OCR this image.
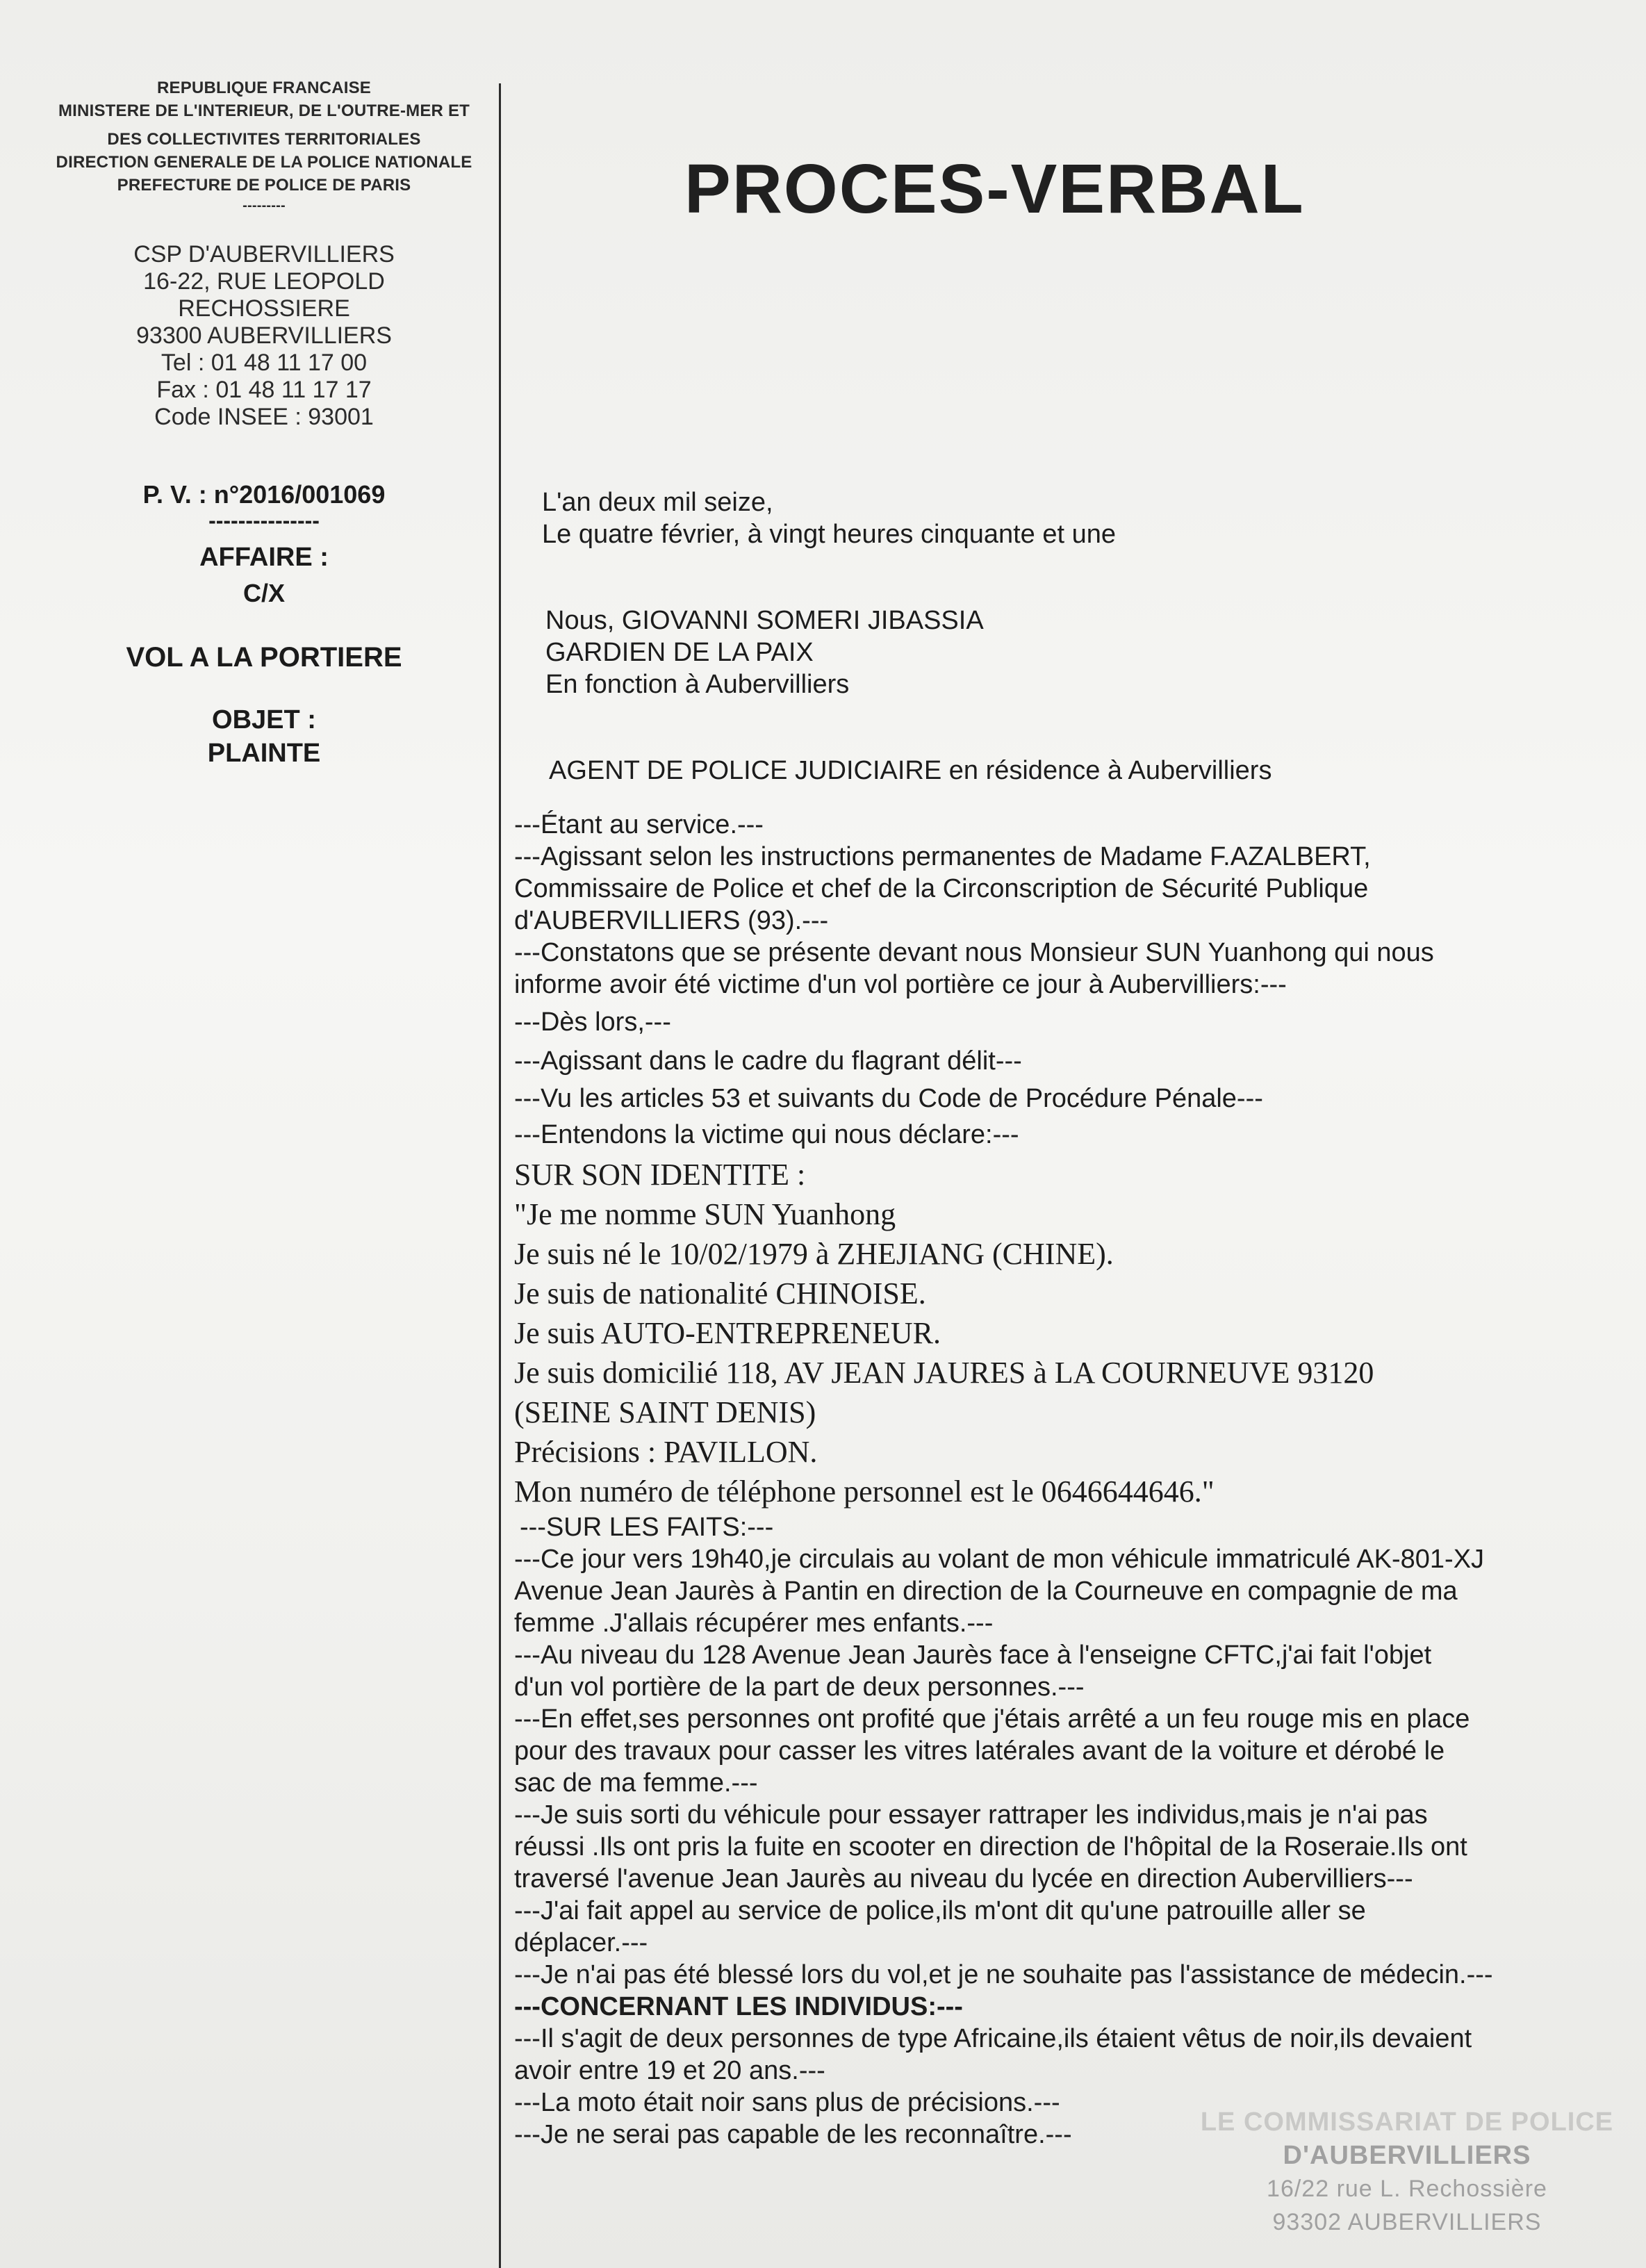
REPUBLIQUE FRANCAISE
MINISTERE DE L'INTERIEUR, DE L'OUTRE-MER ET
DES COLLECTIVITES TERRITORIALES
DIRECTION GENERALE DE LA POLICE NATIONALE
PREFECTURE DE POLICE DE PARIS
---------
CSP D'AUBERVILLIERS
16-22, RUE LEOPOLD
RECHOSSIERE
93300 AUBERVILLIERS
Tel : 01 48 11 17 00
Fax : 01 48 11 17 17
Code INSEE : 93001
P. V. : n°2016/001069
---------------
AFFAIRE :
C/X
VOL A LA PORTIERE
OBJET :
PLAINTE
PROCES-VERBAL
L'an deux mil seize,
Le quatre février, à vingt heures cinquante et une
Nous, GIOVANNI SOMERI JIBASSIA
GARDIEN DE LA PAIX
En fonction à Aubervilliers
AGENT DE POLICE JUDICIAIRE en résidence à Aubervilliers
---Étant au service.---
---Agissant selon les instructions permanentes de Madame F.AZALBERT,
Commissaire de Police et chef de la Circonscription de Sécurité Publique
d'AUBERVILLIERS (93).---
---Constatons que se présente devant nous Monsieur SUN Yuanhong qui nous
informe avoir été victime d'un vol portière ce jour à Aubervilliers:---
---Dès lors,---
---Agissant dans le cadre du flagrant délit---
---Vu les articles 53 et suivants du Code de Procédure Pénale---
---Entendons la victime qui nous déclare:---
SUR SON IDENTITE :
"Je me nomme SUN Yuanhong
Je suis né le 10/02/1979 à ZHEJIANG (CHINE).
Je suis de nationalité CHINOISE.
Je suis AUTO-ENTREPRENEUR.
Je suis domicilié 118, AV JEAN JAURES à LA COURNEUVE 93120
(SEINE SAINT DENIS)
Précisions : PAVILLON.
Mon numéro de téléphone personnel est le 0646644646."
---SUR LES FAITS:---
---Ce jour vers 19h40,je circulais au volant de mon véhicule immatriculé AK-801-XJ
Avenue Jean Jaurès à Pantin en direction de la Courneuve en compagnie de ma
femme .J'allais récupérer mes enfants.---
---Au niveau du 128 Avenue Jean Jaurès face à l'enseigne CFTC,j'ai fait l'objet
d'un vol portière de la part de deux personnes.---
---En effet,ses personnes ont profité que j'étais arrêté a un feu rouge mis en place
pour des travaux pour casser les vitres latérales avant de la voiture et dérobé le
sac de ma femme.---
---Je suis sorti du véhicule pour essayer rattraper les individus,mais je n'ai pas
réussi .Ils ont pris la fuite en scooter en direction de l'hôpital de la Roseraie.Ils ont
traversé l'avenue Jean Jaurès au niveau du lycée en direction Aubervilliers---
---J'ai fait appel au service de police,ils m'ont dit qu'une patrouille aller se
déplacer.---
---Je n'ai pas été blessé lors du vol,et je ne souhaite pas l'assistance de médecin.---
---CONCERNANT LES INDIVIDUS:---
---Il s'agit de deux personnes de type Africaine,ils étaient vêtus de noir,ils devaient
avoir entre 19 et 20 ans.---
---La moto était noir sans plus de précisions.---
---Je ne serai pas capable de les reconnaître.---	LE COMMISSARIAT DE POLICE
D'AUBERVILLIERS
16/22 rue L. Rechossière
93302 AUBERVILLIERS
